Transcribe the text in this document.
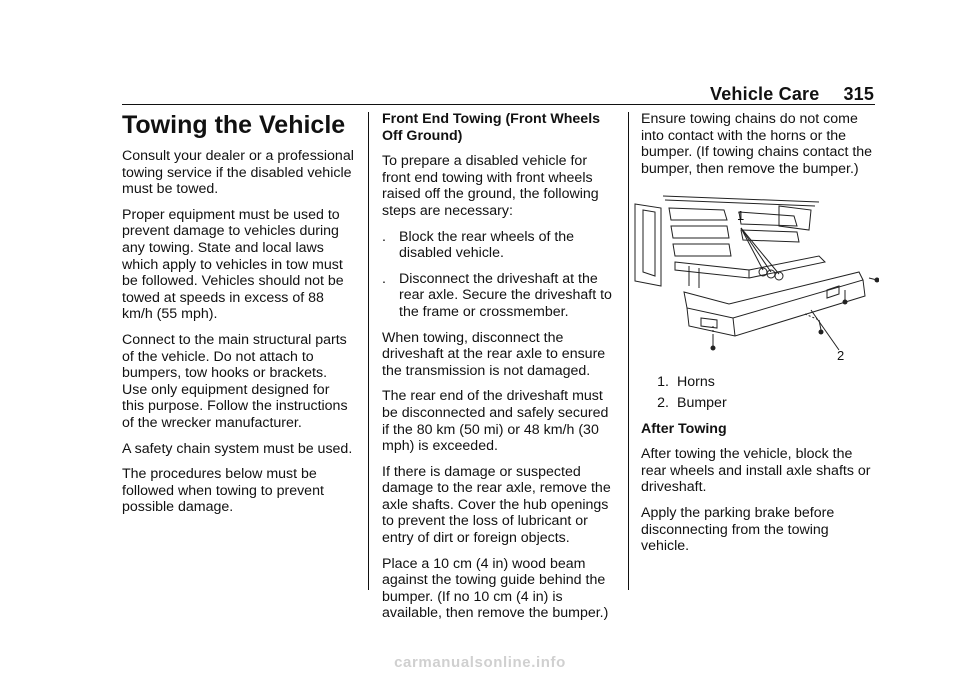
Vehicle Care 315
Towing the Vehicle

Consult your dealer or a professional towing service if the disabled vehicle must be towed.

Proper equipment must be used to prevent damage to vehicles during any towing. State and local laws which apply to vehicles in tow must be followed. Vehicles should not be towed at speeds in excess of 88 km/h (55 mph).

Connect to the main structural parts of the vehicle. Do not attach to bumpers, tow hooks or brackets. Use only equipment designed for this purpose. Follow the instructions of the wrecker manufacturer.

A safety chain system must be used.

The procedures below must be followed when towing to prevent possible damage.

Front End Towing (Front Wheels Off Ground)

To prepare a disabled vehicle for front end towing with front wheels raised off the ground, the following steps are necessary:

. Block the rear wheels of the disabled vehicle.
. Disconnect the driveshaft at the rear axle. Secure the driveshaft to the frame or crossmember.

When towing, disconnect the driveshaft at the rear axle to ensure the transmission is not damaged.

The rear end of the driveshaft must be disconnected and safely secured if the 80 km (50 mi) or 48 km/h (30 mph) is exceeded.

If there is damage or suspected damage to the rear axle, remove the axle shafts. Cover the hub openings to prevent the loss of lubricant or entry of dirt or foreign objects.

Place a 10 cm (4 in) wood beam against the towing guide behind the bumper. (If no 10 cm (4 in) is available, then remove the bumper.)

Ensure towing chains do not come into contact with the horns or the bumper. (If towing chains contact the bumper, then remove the bumper.)

1
2
1. Horns
2. Bumper

After Towing

After towing the vehicle, block the rear wheels and install axle shafts or driveshaft.

Apply the parking brake before disconnecting from the towing vehicle.

carmanualsonline.info
